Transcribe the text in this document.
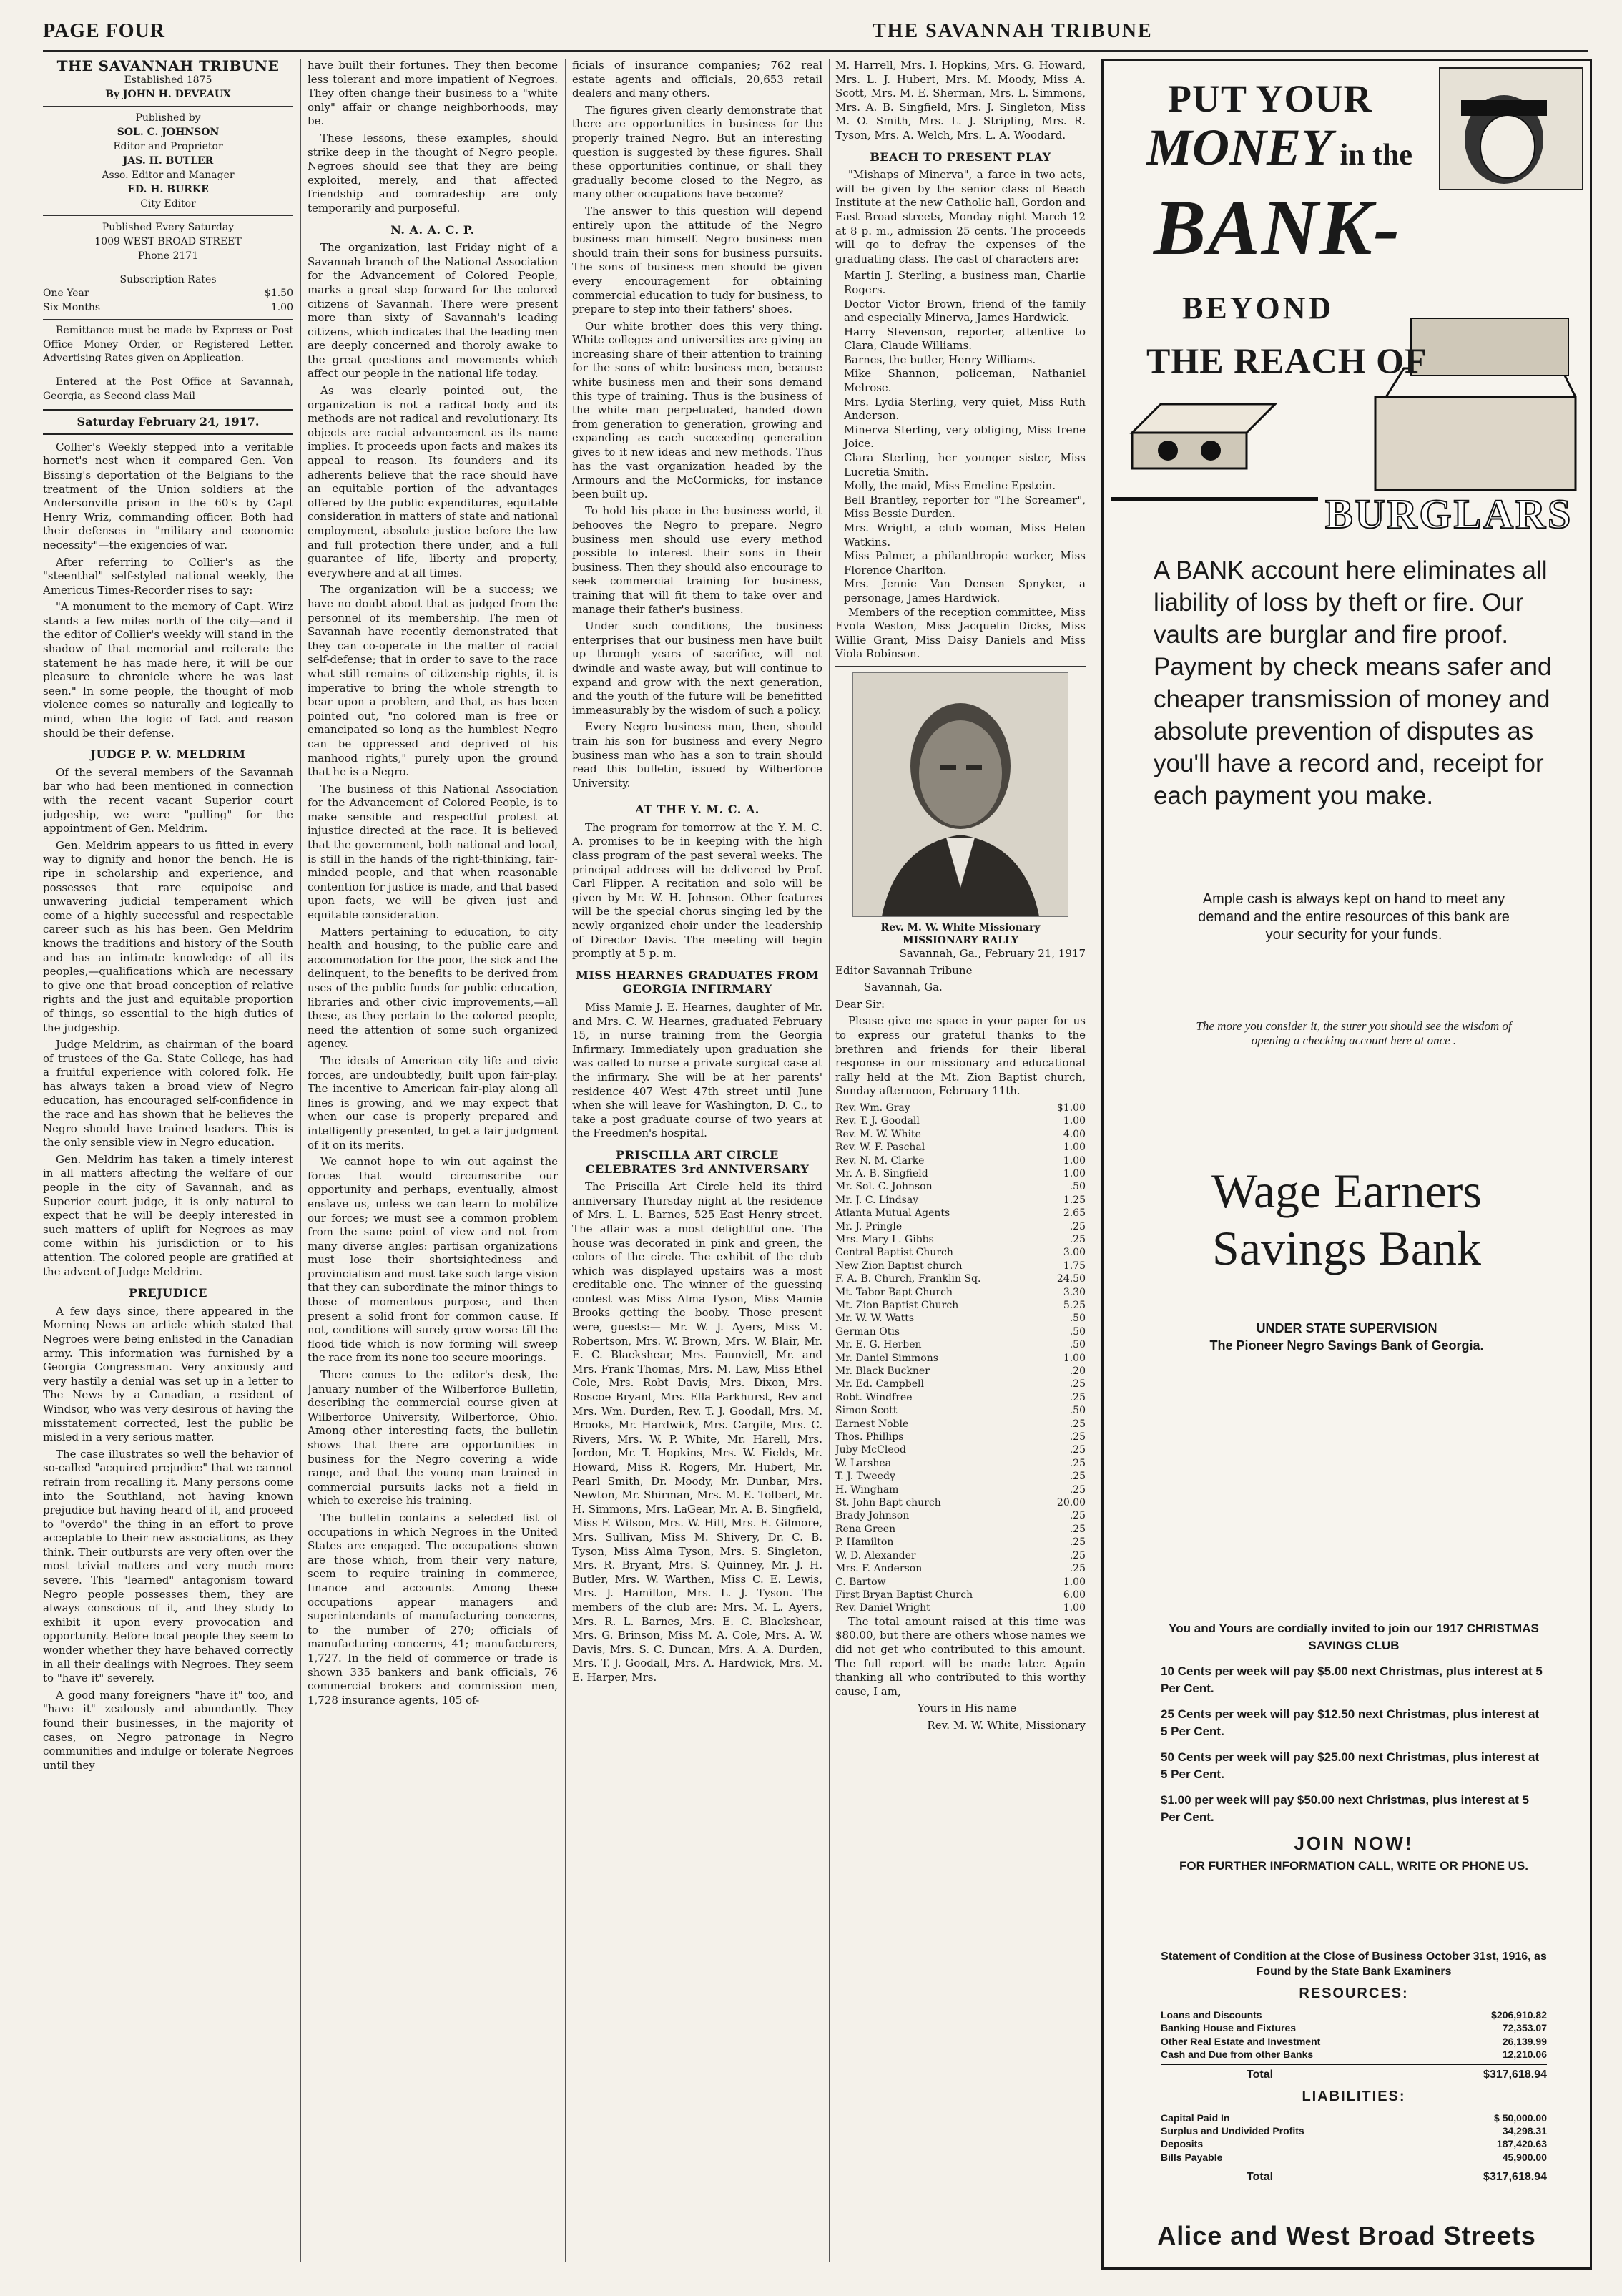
PAGE FOUR	THE SAVANNAH TRIBUNE
THE SAVANNAH TRIBUNE
Established 1875
By JOHN H. DEVEAUX
Published by
SOL. C. JOHNSON
Editor and Proprietor
JAS. H. BUTLER
Asso. Editor and Manager
ED. H. BURKE
City Editor
Published Every Saturday
1009 WEST BROAD STREET
Phone 2171
Subscription Rates
One Year	$1.50
Six Months	1.00

Remittance must be made by Express or Post Office Money Order, or Registered Letter. Advertising Rates given on Application.

Entered at the Post Office at Savannah, Georgia, as Second class Mail

Saturday February 24, 1917.

Collier's Weekly stepped into a veritable hornet's nest when it compared Gen. Von Bissing's deportation of the Belgians to the treatment of the Union soldiers at the Andersonville prison in the 60's by Capt Henry Wriz, commanding officer. Both had their defenses in "military and economic necessity"—the exigencies of war.

After referring to Collier's as the "steenthal" self-styled national weekly, the Americus Times-Recorder rises to say:

"A monument to the memory of Capt. Wirz stands a few miles north of the city—and if the editor of Collier's weekly will stand in the shadow of that memorial and reiterate the statement he has made here, it will be our pleasure to chronicle where he was last seen." In some people, the thought of mob violence comes so naturally and logically to mind, when the logic of fact and reason should be their defense.

JUDGE P. W. MELDRIM

Of the several members of the Savannah bar who had been mentioned in connection with the recent vacant Superior court judgeship, we were "pulling" for the appointment of Gen. Meldrim.

Gen. Meldrim appears to us fitted in every way to dignify and honor the bench. He is ripe in scholarship and experience, and possesses that rare equipoise and unwavering judicial temperament which come of a highly successful and respectable career such as his has been. Gen Meldrim knows the traditions and history of the South and has an intimate knowledge of all its peoples,—qualifications which are necessary to give one that broad conception of relative rights and the just and equitable proportion of things, so essential to the high duties of the judgeship.

Judge Meldrim, as chairman of the board of trustees of the Ga. State College, has had a fruitful experience with colored folk. He has always taken a broad view of Negro education, has encouraged self-confidence in the race and has shown that he believes the Negro should have trained leaders. This is the only sensible view in Negro education.

Gen. Meldrim has taken a timely interest in all matters affecting the welfare of our people in the city of Savannah, and as Superior court judge, it is only natural to expect that he will be deeply interested in such matters of uplift for Negroes as may come within his jurisdiction or to his attention. The colored people are gratified at the advent of Judge Meldrim.

PREJUDICE

A few days since, there appeared in the Morning News an article which stated that Negroes were being enlisted in the Canadian army. This information was furnished by a Georgia Congressman. Very anxiously and very hastily a denial was set up in a letter to The News by a Canadian, a resident of Windsor, who was very desirous of having the misstatement corrected, lest the public be misled in a very serious matter.

The case illustrates so well the behavior of so-called "acquired prejudice" that we cannot refrain from recalling it. Many persons come into the Southland, not having known prejudice but having heard of it, and proceed to "overdo" the thing in an effort to prove acceptable to their new associations, as they think. Their outbursts are very often over the most trivial matters and very much more severe. This "learned" antagonism toward Negro people possesses them, they are always conscious of it, and they study to exhibit it upon every provocation and opportunity. Before local people they seem to wonder whether they have behaved correctly in all their dealings with Negroes. They seem to "have it" severely.

A good many foreigners "have it" too, and "have it" zealously and abundantly. They found their businesses, in the majority of cases, on Negro patronage in Negro communities and indulge or tolerate Negroes until they

have built their fortunes. They then become less tolerant and more impatient of Negroes. They often change their business to a "white only" affair or change neighborhoods, may be.

These lessons, these examples, should strike deep in the thought of Negro people. Negroes should see that they are being exploited, merely, and that affected friendship and comradeship are only temporarily and purposeful.

N. A. A. C. P.

The organization, last Friday night of a Savannah branch of the National Association for the Advancement of Colored People, marks a great step forward for the colored citizens of Savannah. There were present more than sixty of Savannah's leading citizens, which indicates that the leading men are deeply concerned and thoroly awake to the great questions and movements which affect our people in the national life today.

As was clearly pointed out, the organization is not a radical body and its methods are not radical and revolutionary. Its objects are racial advancement as its name implies. It proceeds upon facts and makes its appeal to reason. Its founders and its adherents believe that the race should have an equitable portion of the advantages offered by the public expenditures, equitable consideration in matters of state and national employment, absolute justice before the law and full protection there under, and a full guarantee of life, liberty and property, everywhere and at all times.

The organization will be a success; we have no doubt about that as judged from the personnel of its membership. The men of Savannah have recently demonstrated that they can co-operate in the matter of racial self-defense; that in order to save to the race what still remains of citizenship rights, it is imperative to bring the whole strength to bear upon a problem, and that, as has been pointed out, "no colored man is free or emancipated so long as the humblest Negro can be oppressed and deprived of his manhood rights," purely upon the ground that he is a Negro.

The business of this National Association for the Advancement of Colored People, is to make sensible and respectful protest at injustice directed at the race. It is believed that the government, both national and local, is still in the hands of the right-thinking, fair-minded people, and that when reasonable contention for justice is made, and that based upon facts, we will be given just and equitable consideration.

Matters pertaining to education, to city health and housing, to the public care and accommodation for the poor, the sick and the delinquent, to the benefits to be derived from uses of the public funds for public education, libraries and other civic improvements,—all these, as they pertain to the colored people, need the attention of some such organized agency.

The ideals of American city life and civic forces, are undoubtedly, built upon fair-play. The incentive to American fair-play along all lines is growing, and we may expect that when our case is properly prepared and intelligently presented, to get a fair judgment of it on its merits.

We cannot hope to win out against the forces that would circumscribe our opportunity and perhaps, eventually, almost enslave us, unless we can learn to mobilize our forces; we must see a common problem from the same point of view and not from many diverse angles: partisan organizations must lose their shortsightedness and provincialism and must take such large vision that they can subordinate the minor things to those of momentous purpose, and then present a solid front for common cause. If not, conditions will surely grow worse till the flood tide which is now forming will sweep the race from its none too secure moorings.

There comes to the editor's desk, the January number of the Wilberforce Bulletin, describing the commercial course given at Wilberforce University, Wilberforce, Ohio. Among other interesting facts, the bulletin shows that there are opportunities in business for the Negro covering a wide range, and that the young man trained in commercial pursuits lacks not a field in which to exercise his training.

The bulletin contains a selected list of occupations in which Negroes in the United States are engaged. The occupations shown are those which, from their very nature, seem to require training in commerce, finance and accounts. Among these occupations appear managers and superintendants of manufacturing concerns, to the number of 270; officials of manufacturing concerns, 41; manufacturers, 1,727. In the field of commerce or trade is shown 335 bankers and bank officials, 76 commercial brokers and commission men, 1,728 insurance agents, 105 of-

ficials of insurance companies; 762 real estate agents and officials, 20,653 retail dealers and many others.

The figures given clearly demonstrate that there are opportunities in business for the properly trained Negro. But an interesting question is suggested by these figures. Shall these opportunities continue, or shall they gradually become closed to the Negro, as many other occupations have become?

The answer to this question will depend entirely upon the attitude of the Negro business man himself. Negro business men should train their sons for business pursuits. The sons of business men should be given every encouragement for obtaining commercial education to tudy for business, to prepare to step into their fathers' shoes.

Our white brother does this very thing. White colleges and universities are giving an increasing share of their attention to training for the sons of white business men, because white business men and their sons demand this type of training. Thus is the business of the white man perpetuated, handed down from generation to generation, growing and expanding as each succeeding generation gives to it new ideas and new methods. Thus has the vast organization headed by the Armours and the McCormicks, for instance been built up.

To hold his place in the business world, it behooves the Negro to prepare. Negro business men should use every method possible to interest their sons in their business. Then they should also encourage to seek commercial training for business, training that will fit them to take over and manage their father's business.

Under such conditions, the business enterprises that our business men have built up through years of sacrifice, will not dwindle and waste away, but will continue to expand and grow with the next generation, and the youth of the future will be benefitted immeasurably by the wisdom of such a policy.

Every Negro business man, then, should train his son for business and every Negro business man who has a son to train should read this bulletin, issued by Wilberforce University.

AT THE Y. M. C. A.

The program for tomorrow at the Y. M. C. A. promises to be in keeping with the high class program of the past several weeks. The principal address will be delivered by Prof. Carl Flipper. A recitation and solo will be given by Mr. W. H. Johnson. Other features will be the special chorus singing led by the newly organized choir under the leadership of Director Davis. The meeting will begin promptly at 5 p. m.

MISS HEARNES GRADUATES FROM GEORGIA INFIRMARY

Miss Mamie J. E. Hearnes, daughter of Mr. and Mrs. C. W. Hearnes, graduated February 15, in nurse training from the Georgia Infirmary. Immediately upon graduation she was called to nurse a private surgical case at the infirmary. She will be at her parents' residence 407 West 47th street until June when she will leave for Washington, D. C., to take a post graduate course of two years at the Freedmen's hospital.

PRISCILLA ART CIRCLE CELEBRATES 3rd ANNIVERSARY

The Priscilla Art Circle held its third anniversary Thursday night at the residence of Mrs. L. L. Barnes, 525 East Henry street. The affair was a most delightful one. The house was decorated in pink and green, the colors of the circle. The exhibit of the club which was displayed upstairs was a most creditable one. The winner of the guessing contest was Miss Alma Tyson, Miss Mamie Brooks getting the booby. Those present were, guests:— Mr. W. J. Ayers, Miss M. Robertson, Mrs. W. Brown, Mrs. W. Blair, Mr. E. C. Blackshear, Mrs. Faunviell, Mr. and Mrs. Frank Thomas, Mrs. M. Law, Miss Ethel Cole, Mrs. Robt Davis, Mrs. Dixon, Mrs. Roscoe Bryant, Mrs. Ella Parkhurst, Rev and Mrs. Wm. Durden, Rev. T. J. Goodall, Mrs. M. Brooks, Mr. Hardwick, Mrs. Cargile, Mrs. C. Rivers, Mrs. W. P. White, Mr. Harell, Mrs. Jordon, Mr. T. Hopkins, Mrs. W. Fields, Mr. Howard, Miss R. Rogers, Mr. Hubert, Mr. Pearl Smith, Dr. Moody, Mr. Dunbar, Mrs. Newton, Mr. Shirman, Mrs. M. E. Tolbert, Mr. H. Simmons, Mrs. LaGear, Mr. A. B. Singfield, Miss F. Wilson, Mrs. W. Hill, Mrs. E. Gilmore, Mrs. Sullivan, Miss M. Shivery, Dr. C. B. Tyson, Miss Alma Tyson, Mrs. S. Singleton, Mrs. R. Bryant, Mrs. S. Quinney, Mr. J. H. Butler, Mrs. W. Warthen, Miss C. E. Lewis, Mrs. J. Hamilton, Mrs. L. J. Tyson. The members of the club are: Mrs. M. L. Ayers, Mrs. R. L. Barnes, Mrs. E. C. Blackshear, Mrs. G. Brinson, Miss M. A. Cole, Mrs. A. W. Davis, Mrs. S. C. Duncan, Mrs. A. A. Durden, Mrs. T. J. Goodall, Mrs. A. Hardwick, Mrs. M. E. Harper, Mrs.

M. Harrell, Mrs. I. Hopkins, Mrs. G. Howard, Mrs. L. J. Hubert, Mrs. M. Moody, Miss A. Scott, Mrs. M. E. Sherman, Mrs. L. Simmons, Mrs. A. B. Singfield, Mrs. J. Singleton, Miss M. O. Smith, Mrs. L. J. Stripling, Mrs. R. Tyson, Mrs. A. Welch, Mrs. L. A. Woodard.

BEACH TO PRESENT PLAY

"Mishaps of Minerva", a farce in two acts, will be given by the senior class of Beach Institute at the new Catholic hall, Gordon and East Broad streets, Monday night March 12 at 8 p. m., admission 25 cents. The proceeds will go to defray the expenses of the graduating class. The cast of characters are:

Martin J. Sterling, a business man, Charlie Rogers.

Doctor Victor Brown, friend of the family and especially Minerva, James Hardwick.

Harry Stevenson, reporter, attentive to Clara, Claude Williams.

Barnes, the butler, Henry Williams.

Mike Shannon, policeman, Nathaniel Melrose.

Mrs. Lydia Sterling, very quiet, Miss Ruth Anderson.

Minerva Sterling, very obliging, Miss Irene Joice.

Clara Sterling, her younger sister, Miss Lucretia Smith.

Molly, the maid, Miss Emeline Epstein.

Bell Brantley, reporter for "The Screamer", Miss Bessie Durden.

Mrs. Wright, a club woman, Miss Helen Watkins.

Miss Palmer, a philanthropic worker, Miss Florence Charlton.

Mrs. Jennie Van Densen Spnyker, a personage, James Hardwick.

Members of the reception committee, Miss Evola Weston, Miss Jacquelin Dicks, Miss Willie Grant, Miss Daisy Daniels and Miss Viola Robinson.

Rev. M. W. White Missionary
MISSIONARY RALLY

Savannah, Ga., February 21, 1917

Editor Savannah Tribune

Savannah, Ga.

Dear Sir:

Please give me space in your paper for us to express our grateful thanks to the brethren and friends for their liberal response in our missionary and educational rally held at the Mt. Zion Baptist church, Sunday afternoon, February 11th.

Rev. Wm. Gray	$1.00
Rev. T. J. Goodall	1.00
Rev. M. W. White	4.00
Rev. W. F. Paschal	1.00
Rev. N. M. Clarke	1.00
Mr. A. B. Singfield	1.00
Mr. Sol. C. Johnson	.50
Mr. J. C. Lindsay	1.25
Atlanta Mutual Agents	2.65
Mr. J. Pringle	.25
Mrs. Mary L. Gibbs	.25
Central Baptist Church	3.00
New Zion Baptist church	1.75
F. A. B. Church, Franklin Sq.	24.50
Mt. Tabor Bapt Church	3.30
Mt. Zion Baptist Church	5.25
Mr. W. W. Watts	.50
German Otis	.50
Mr. E. G. Herben	.50
Mr. Daniel Simmons	1.00
Mr. Black Buckner	.20
Mr. Ed. Campbell	.25
Robt. Windfree	.25
Simon Scott	.50
Earnest Noble	.25
Thos. Phillips	.25
Juby McCleod	.25
W. Larshea	.25
T. J. Tweedy	.25
H. Wingham	.25
St. John Bapt church	20.00
Brady Johnson	.25
Rena Green	.25
P. Hamilton	.25
W. D. Alexander	.25
Mrs. F. Anderson	.25
C. Bartow	1.00
First Bryan Baptist Church	6.00
Rev. Daniel Wright	1.00

The total amount raised at this time was $80.00, but there are others whose names we did not get who contributed to this amount. The full report will be made later. Again thanking all who contributed to this worthy cause, I am,

Yours in His name

Rev. M. W. White, Missionary

PUT YOUR
MONEY in the
BANK-
BEYOND
THE REACH OF
BURGLARS
A BANK account here eliminates all liability of loss by theft or fire. Our vaults are burglar and fire proof. Payment by check means safer and cheaper transmission of money and absolute prevention of disputes as you'll have a record and, receipt for each payment you make.
Ample cash is always kept on hand to meet any demand and the entire resources of this bank are your security for your funds.
The more you consider it, the surer you should see the wisdom of opening a checking account here at once .
Wage Earners
Savings Bank
UNDER STATE SUPERVISION
The Pioneer Negro Savings Bank of Georgia.

You and Yours are cordially invited to join our 1917 CHRISTMAS SAVINGS CLUB

10 Cents per week will pay $5.00 next Christmas, plus interest at 5 Per Cent.

25 Cents per week will pay $12.50 next Christmas, plus interest at 5 Per Cent.

50 Cents per week will pay $25.00 next Christmas, plus interest at 5 Per Cent.

$1.00 per week will pay $50.00 next Christmas, plus interest at 5 Per Cent.

JOIN NOW!

FOR FURTHER INFORMATION CALL, WRITE OR PHONE US.

Statement of Condition at the Close of Business October 31st, 1916, as Found by the State Bank Examiners
RESOURCES:
Loans and Discounts	$206,910.82
Banking House and Fixtures	72,353.07
Other Real Estate and Investment	26,139.99
Cash and Due from other Banks	12,210.06
Total	$317,618.94
LIABILITIES:
Capital Paid In	$ 50,000.00
Surplus and Undivided Profits	34,298.31
Deposits	187,420.63
Bills Payable	45,900.00
Total	$317,618.94
Alice and West Broad Streets
